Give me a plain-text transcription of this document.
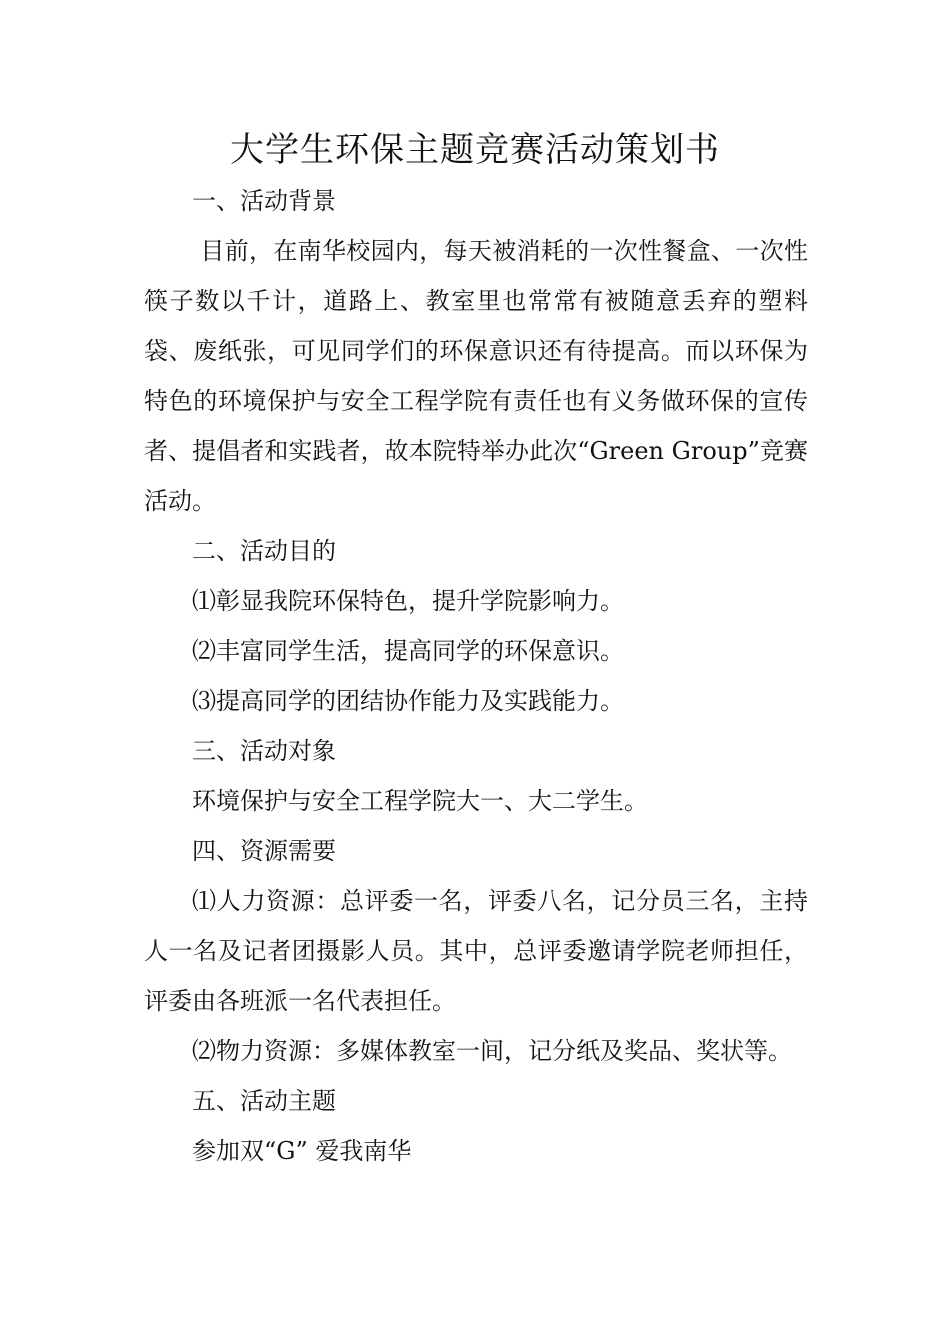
大学生环保主题竞赛活动策划书

一、活动背景

目前，在南华校园内，每天被消耗的一次性餐盒、一次性筷子数以千计，道路上、教室里也常常有被随意丢弃的塑料袋、废纸张，可见同学们的环保意识还有待提高。而以环保为特色的环境保护与安全工程学院有责任也有义务做环保的宣传者、提倡者和实践者，故本院特举办此次“Green Group”竞赛活动。

二、活动目的

⑴彰显我院环保特色，提升学院影响力。

⑵丰富同学生活，提高同学的环保意识。

⑶提高同学的团结协作能力及实践能力。

三、活动对象

环境保护与安全工程学院大一、大二学生。

四、资源需要

⑴人力资源：总评委一名，评委八名，记分员三名，主持人一名及记者团摄影人员。其中，总评委邀请学院老师担任，评委由各班派一名代表担任。

⑵物力资源：多媒体教室一间，记分纸及奖品、奖状等。

五、活动主题

参加双“G” 爱我南华
